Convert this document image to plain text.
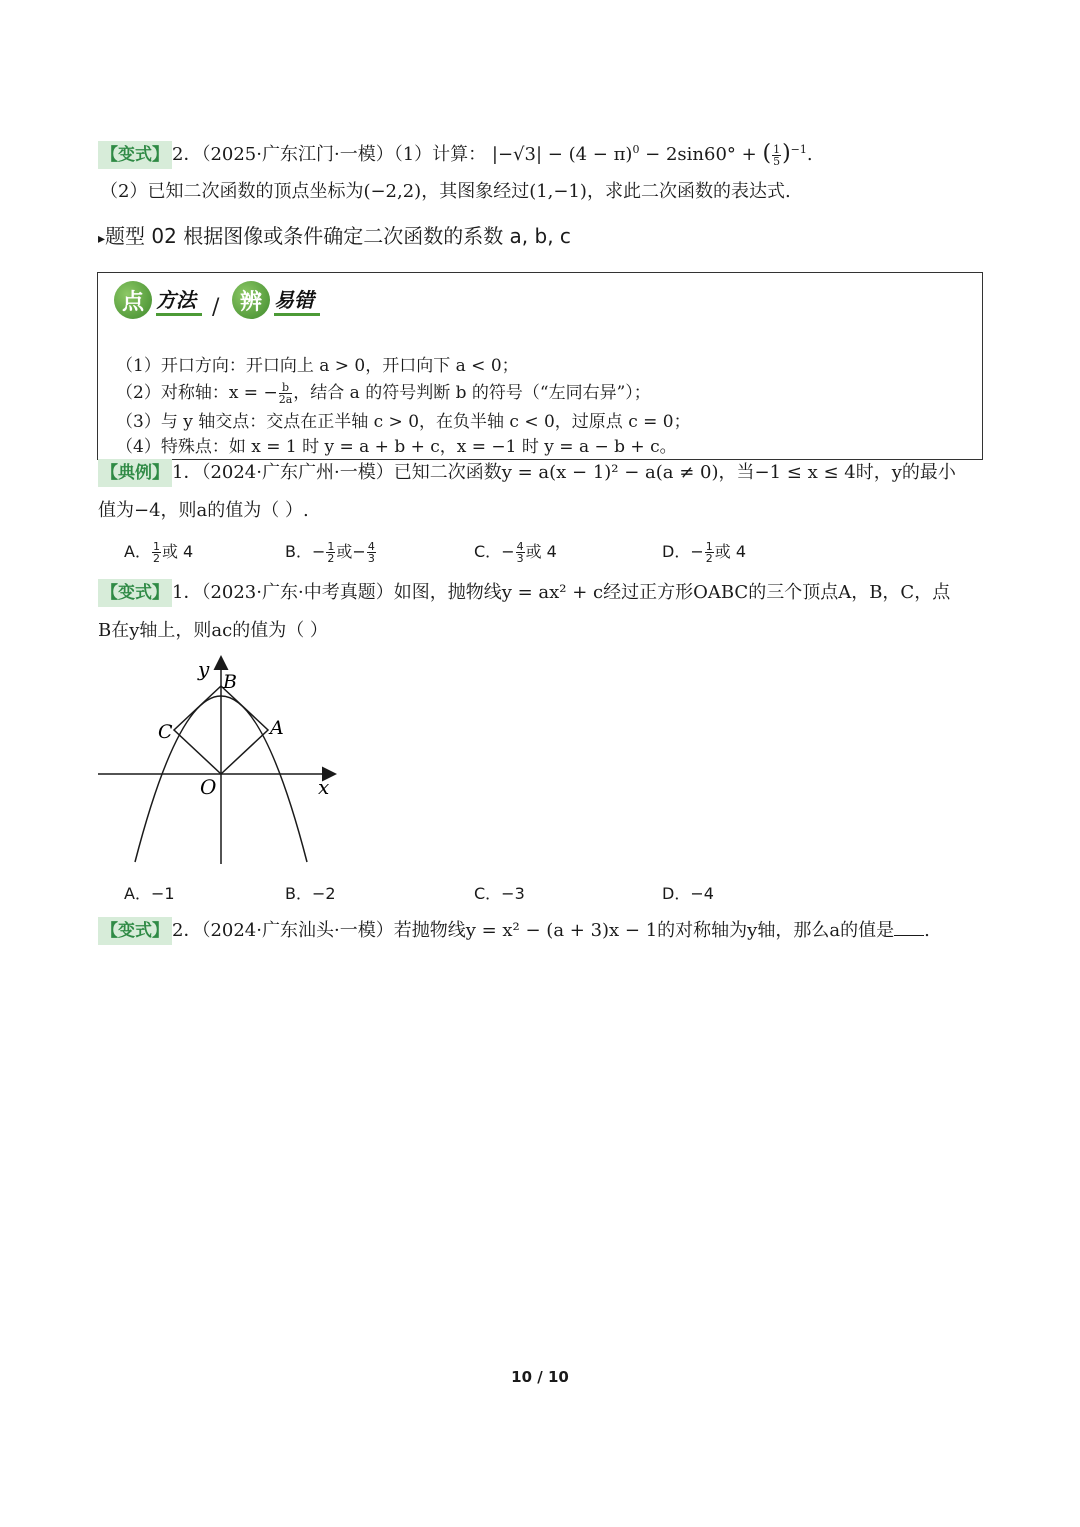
【变式】 2．（2025·广东江门·一模）（1）计算： $|-√3| - (4 - \pi)^0 - 2\sin 60^\circ$ + ( $\frac{1}{5} )^{-1}$.
（2）已知二次函数的顶点坐标为(−2,2)，其图象经过(1,−1)，求此二次函数的表达式.
▸题型 02 根据图像或条件确定二次函数的系数 a, b, c
点 方法 / 辨 易错
（1）开口方向：开口向上 a > 0，开口向下 a < 0；
（2）对称轴：x = − $\frac{b}{2a}$ ，结合 a 的符号判断 b 的符号（“左同右异”）；
（3）与 y 轴交点：交点在正半轴 c > 0，在负半轴 c < 0，过原点 c = 0；
（4）特殊点：如 x = 1 时 y = a + b + c，x = −1 时 y = a − b + c。
【典例】 1．（2024·广东广州·一模）已知二次函数y = a(x − 1)² − a(a ≠ 0)，当−1 ≤ x ≤ 4时，y的最小
值为−4，则a的值为（ ）.
A． $\frac{1}{2}$ 或 4	B．− $\frac{1}{2}$ 或− $\frac{4}{3}$	C．− $\frac{4}{3}$ 或 4	D．− $\frac{1}{2}$ 或 4
【变式】 1．（2023·广东·中考真题）如图，抛物线y = ax² + c经过正方形OABC的三个顶点A，B，C，点
B在y轴上，则ac的值为（ ）
y
x
O
A
B
C
A．−1	B．−2	C．−3	D．−4
【变式】 2．（2024·广东汕头·一模）若抛物线y = x² − (a + 3)x − 1的对称轴为y轴，那么a的值是 .
10 / 10
